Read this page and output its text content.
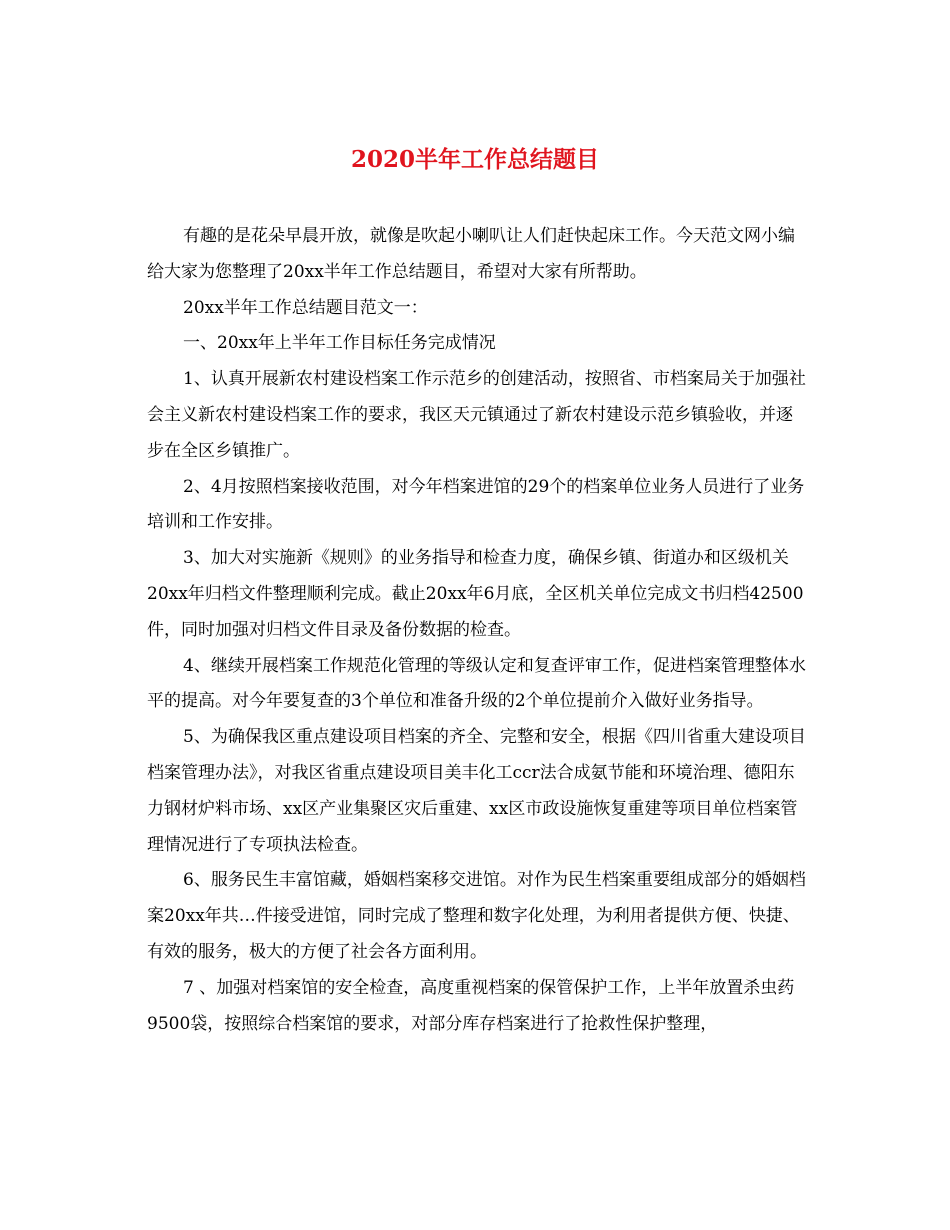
2020半年工作总结题目

有趣的是花朵早晨开放，就像是吹起小喇叭让人们赶快起床工作。今天范文网小编给大家为您整理了20xx半年工作总结题目，希望对大家有所帮助。

20xx半年工作总结题目范文一：

一、20xx年上半年工作目标任务完成情况

1、认真开展新农村建设档案工作示范乡的创建活动，按照省、市档案局关于加强社会主义新农村建设档案工作的要求，我区天元镇通过了新农村建设示范乡镇验收，并逐步在全区乡镇推广。

2、4月按照档案接收范围，对今年档案进馆的29个的档案单位业务人员进行了业务培训和工作安排。

3、加大对实施新《规则》的业务指导和检查力度，确保乡镇、街道办和区级机关20xx年归档文件整理顺利完成。截止20xx年6月底，全区机关单位完成文书归档42500件，同时加强对归档文件目录及备份数据的检查。

4、继续开展档案工作规范化管理的等级认定和复查评审工作，促进档案管理整体水平的提高。对今年要复查的3个单位和准备升级的2个单位提前介入做好业务指导。

5、为确保我区重点建设项目档案的齐全、完整和安全，根据《四川省重大建设项目档案管理办法》，对我区省重点建设项目美丰化工ccr法合成氨节能和环境治理、德阳东力钢材炉料市场、xx区产业集聚区灾后重建、xx区市政设施恢复重建等项目单位档案管理情况进行了专项执法检查。

6、服务民生丰富馆藏，婚姻档案移交进馆。对作为民生档案重要组成部分的婚姻档案20xx年共…件接受进馆，同时完成了整理和数字化处理，为利用者提供方便、快捷、有效的服务，极大的方便了社会各方面利用。

7 、加强对档案馆的安全检查，高度重视档案的保管保护工作，上半年放置杀虫药9500袋，按照综合档案馆的要求，对部分库存档案进行了抢救性保护整理，
